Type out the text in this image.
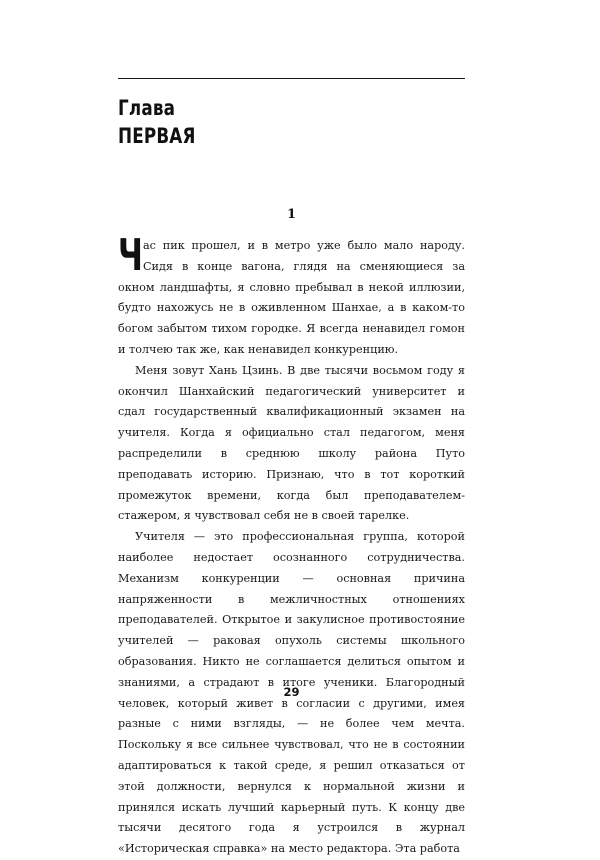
Глава
ПЕРВАЯ
1

Час пик прошел, и в метро уже было мало народу. Сидя в конце вагона, глядя на сменяющиеся за окном ландшафты, я словно пребывал в некой иллюзии, будто нахожусь не в оживленном Шанхае, а в каком-то богом забытом тихом городке. Я всегда ненавидел гомон и толчею так же, как ненавидел конкуренцию.

Меня зовут Хань Цзинь. В две тысячи восьмом году я окончил Шанхайский педагогический университет и сдал государственный квалификационный экзамен на учителя. Когда я официально стал педагогом, меня распределили в среднюю школу района Путо преподавать историю. Признаю, что в тот короткий промежуток времени, когда был преподавателем-стажером, я чувствовал себя не в своей тарелке.

Учителя — это профессиональная группа, которой наиболее недостает осознанного сотрудничества. Механизм конкуренции — основная причина напряженности в межличностных отношениях преподавателей. Открытое и закулисное противостояние учителей — раковая опухоль системы школьного образования. Никто не соглашается делиться опытом и знаниями, а страдают в итоге ученики. Благородный человек, который живет в согласии с другими, имея разные с ними взгляды, — не более чем мечта. Поскольку я все сильнее чувствовал, что не в состоянии адаптироваться к такой среде, я решил отказаться от этой должности, вернулся к нормальной жизни и принялся искать лучший карьерный путь. К концу две тысячи десятого года я устроился в журнал «Историческая справка» на место редактора. Эта работа

29
